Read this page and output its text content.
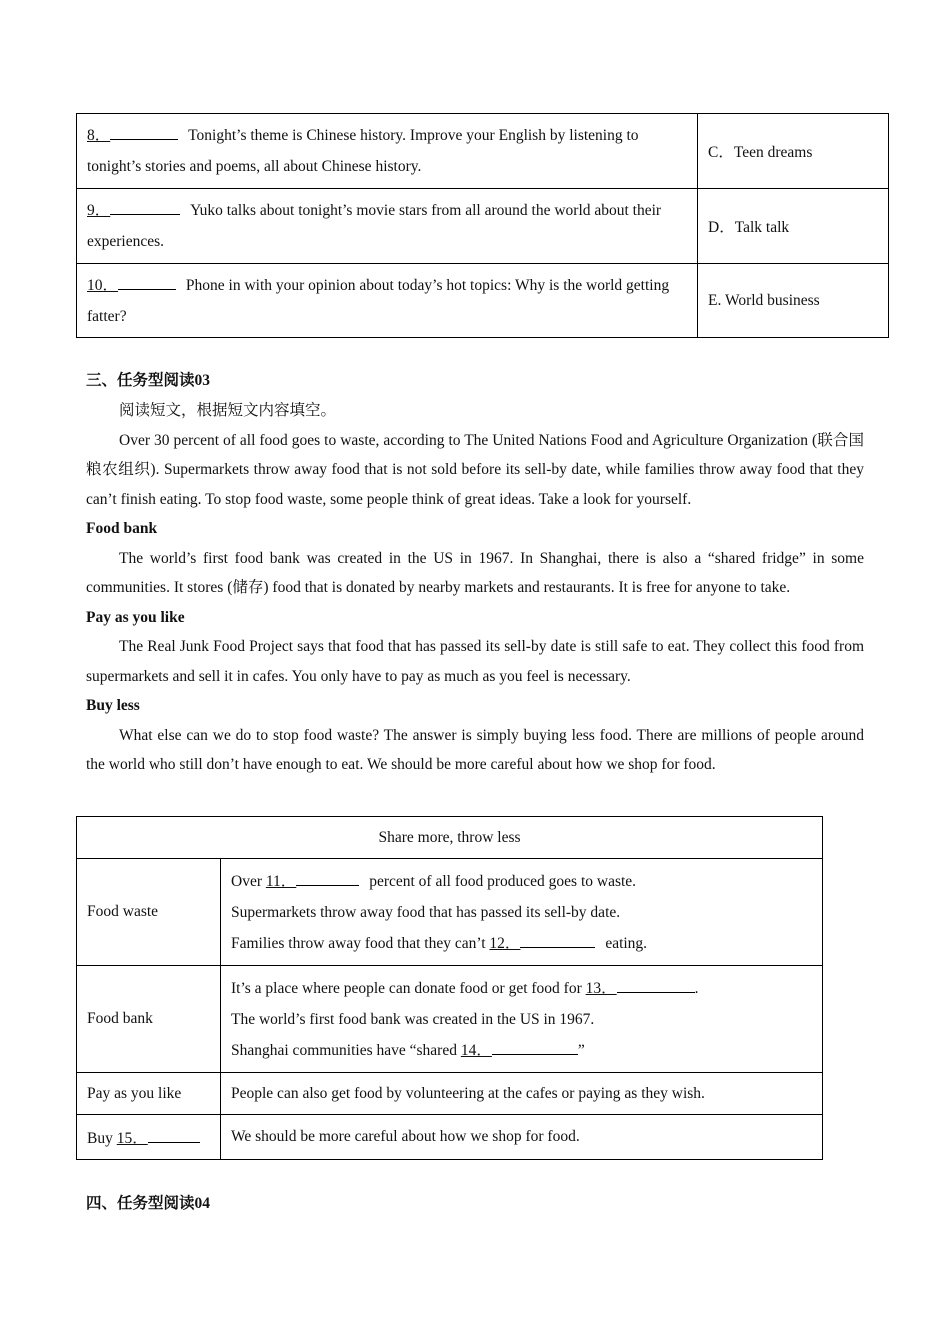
8． Tonight’s theme is Chinese history. Improve your English by listening to tonight’s stories and poems, all about Chinese history.	C．Teen dreams
9． Yuko talks about tonight’s movie stars from all around the world about their experiences.	D．Talk talk
10． Phone in with your opinion about today’s hot topics: Why is the world getting fatter?	E. World business
三、任务型阅读03

阅读短文，根据短文内容填空。

Over 30 percent of all food goes to waste, according to The United Nations Food and Agriculture Organization (联合国粮农组织). Supermarkets throw away food that is not sold before its sell-by date, while families throw away food that they can’t finish eating. To stop food waste, some people think of great ideas. Take a look for yourself.

Food bank

The world’s first food bank was created in the US in 1967. In Shanghai, there is also a “shared fridge” in some communities. It stores (储存) food that is donated by nearby markets and restaurants. It is free for anyone to take.

Pay as you like

The Real Junk Food Project says that food that has passed its sell-by date is still safe to eat. They collect this food from supermarkets and sell it in cafes. You only have to pay as much as you feel is necessary.

Buy less

What else can we do to stop food waste? The answer is simply buying less food. There are millions of people around the world who still don’t have enough to eat. We should be more careful about how we shop for food.

Share more, throw less	
Food waste	Over 11． percent of all food produced goes to waste.
Supermarkets throw away food that has passed its sell-by date.
Families throw away food that they can’t 12． eating.

Food bank	It’s a place where people can donate food or get food for 13． .
The world’s first food bank was created in the US in 1967.
Shanghai communities have “shared 14． ”

Pay as you like	People can also get food by volunteering at the cafes or paying as they wish.
Buy 15．	We should be more careful about how we shop for food.
四、任务型阅读04
